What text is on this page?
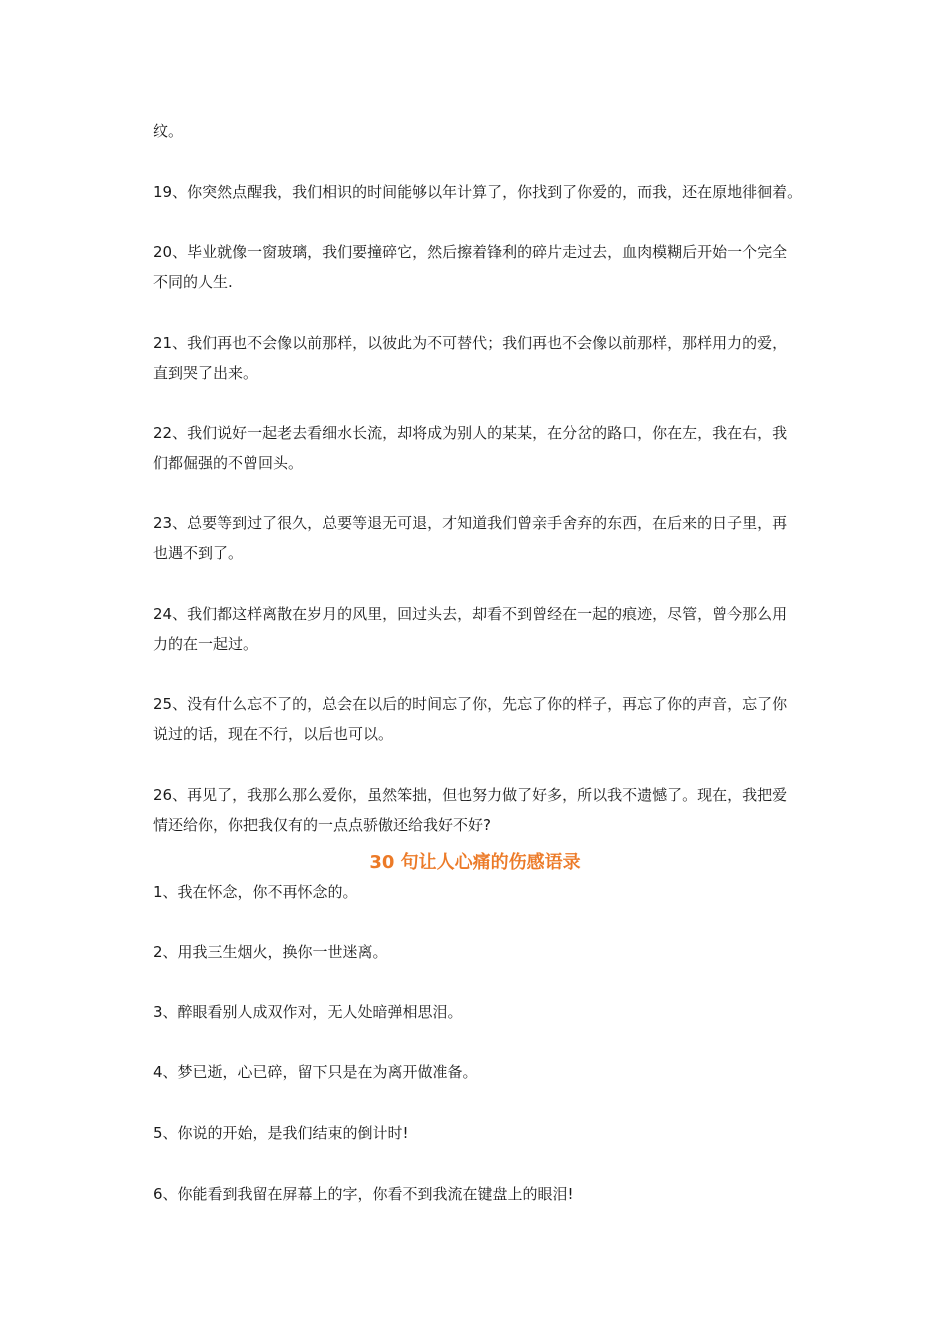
纹。
19、你突然点醒我，我们相识的时间能够以年计算了，你找到了你爱的，而我，还在原地徘徊着。
20、毕业就像一窗玻璃，我们要撞碎它，然后擦着锋利的碎片走过去，血肉模糊后开始一个完全
不同的人生.
21、我们再也不会像以前那样，以彼此为不可替代；我们再也不会像以前那样，那样用力的爱，
直到哭了出来。
22、我们说好一起老去看细水长流，却将成为别人的某某，在分岔的路口，你在左，我在右，我
们都倔强的不曾回头。
23、总要等到过了很久，总要等退无可退，才知道我们曾亲手舍弃的东西，在后来的日子里，再
也遇不到了。
24、我们都这样离散在岁月的风里，回过头去，却看不到曾经在一起的痕迹，尽管，曾今那么用
力的在一起过。
25、没有什么忘不了的，总会在以后的时间忘了你，先忘了你的样子，再忘了你的声音，忘了你
说过的话，现在不行，以后也可以。
26、再见了，我那么那么爱你，虽然笨拙，但也努力做了好多，所以我不遗憾了。现在，我把爱
情还给你，你把我仅有的一点点骄傲还给我好不好?
30 句让人心痛的伤感语录
1、我在怀念，你不再怀念的。
2、用我三生烟火，换你一世迷离。
3、醉眼看别人成双作对，无人处暗弹相思泪。
4、梦已逝，心已碎，留下只是在为离开做准备。
5、你说的开始，是我们结束的倒计时!
6、你能看到我留在屏幕上的字，你看不到我流在键盘上的眼泪!
